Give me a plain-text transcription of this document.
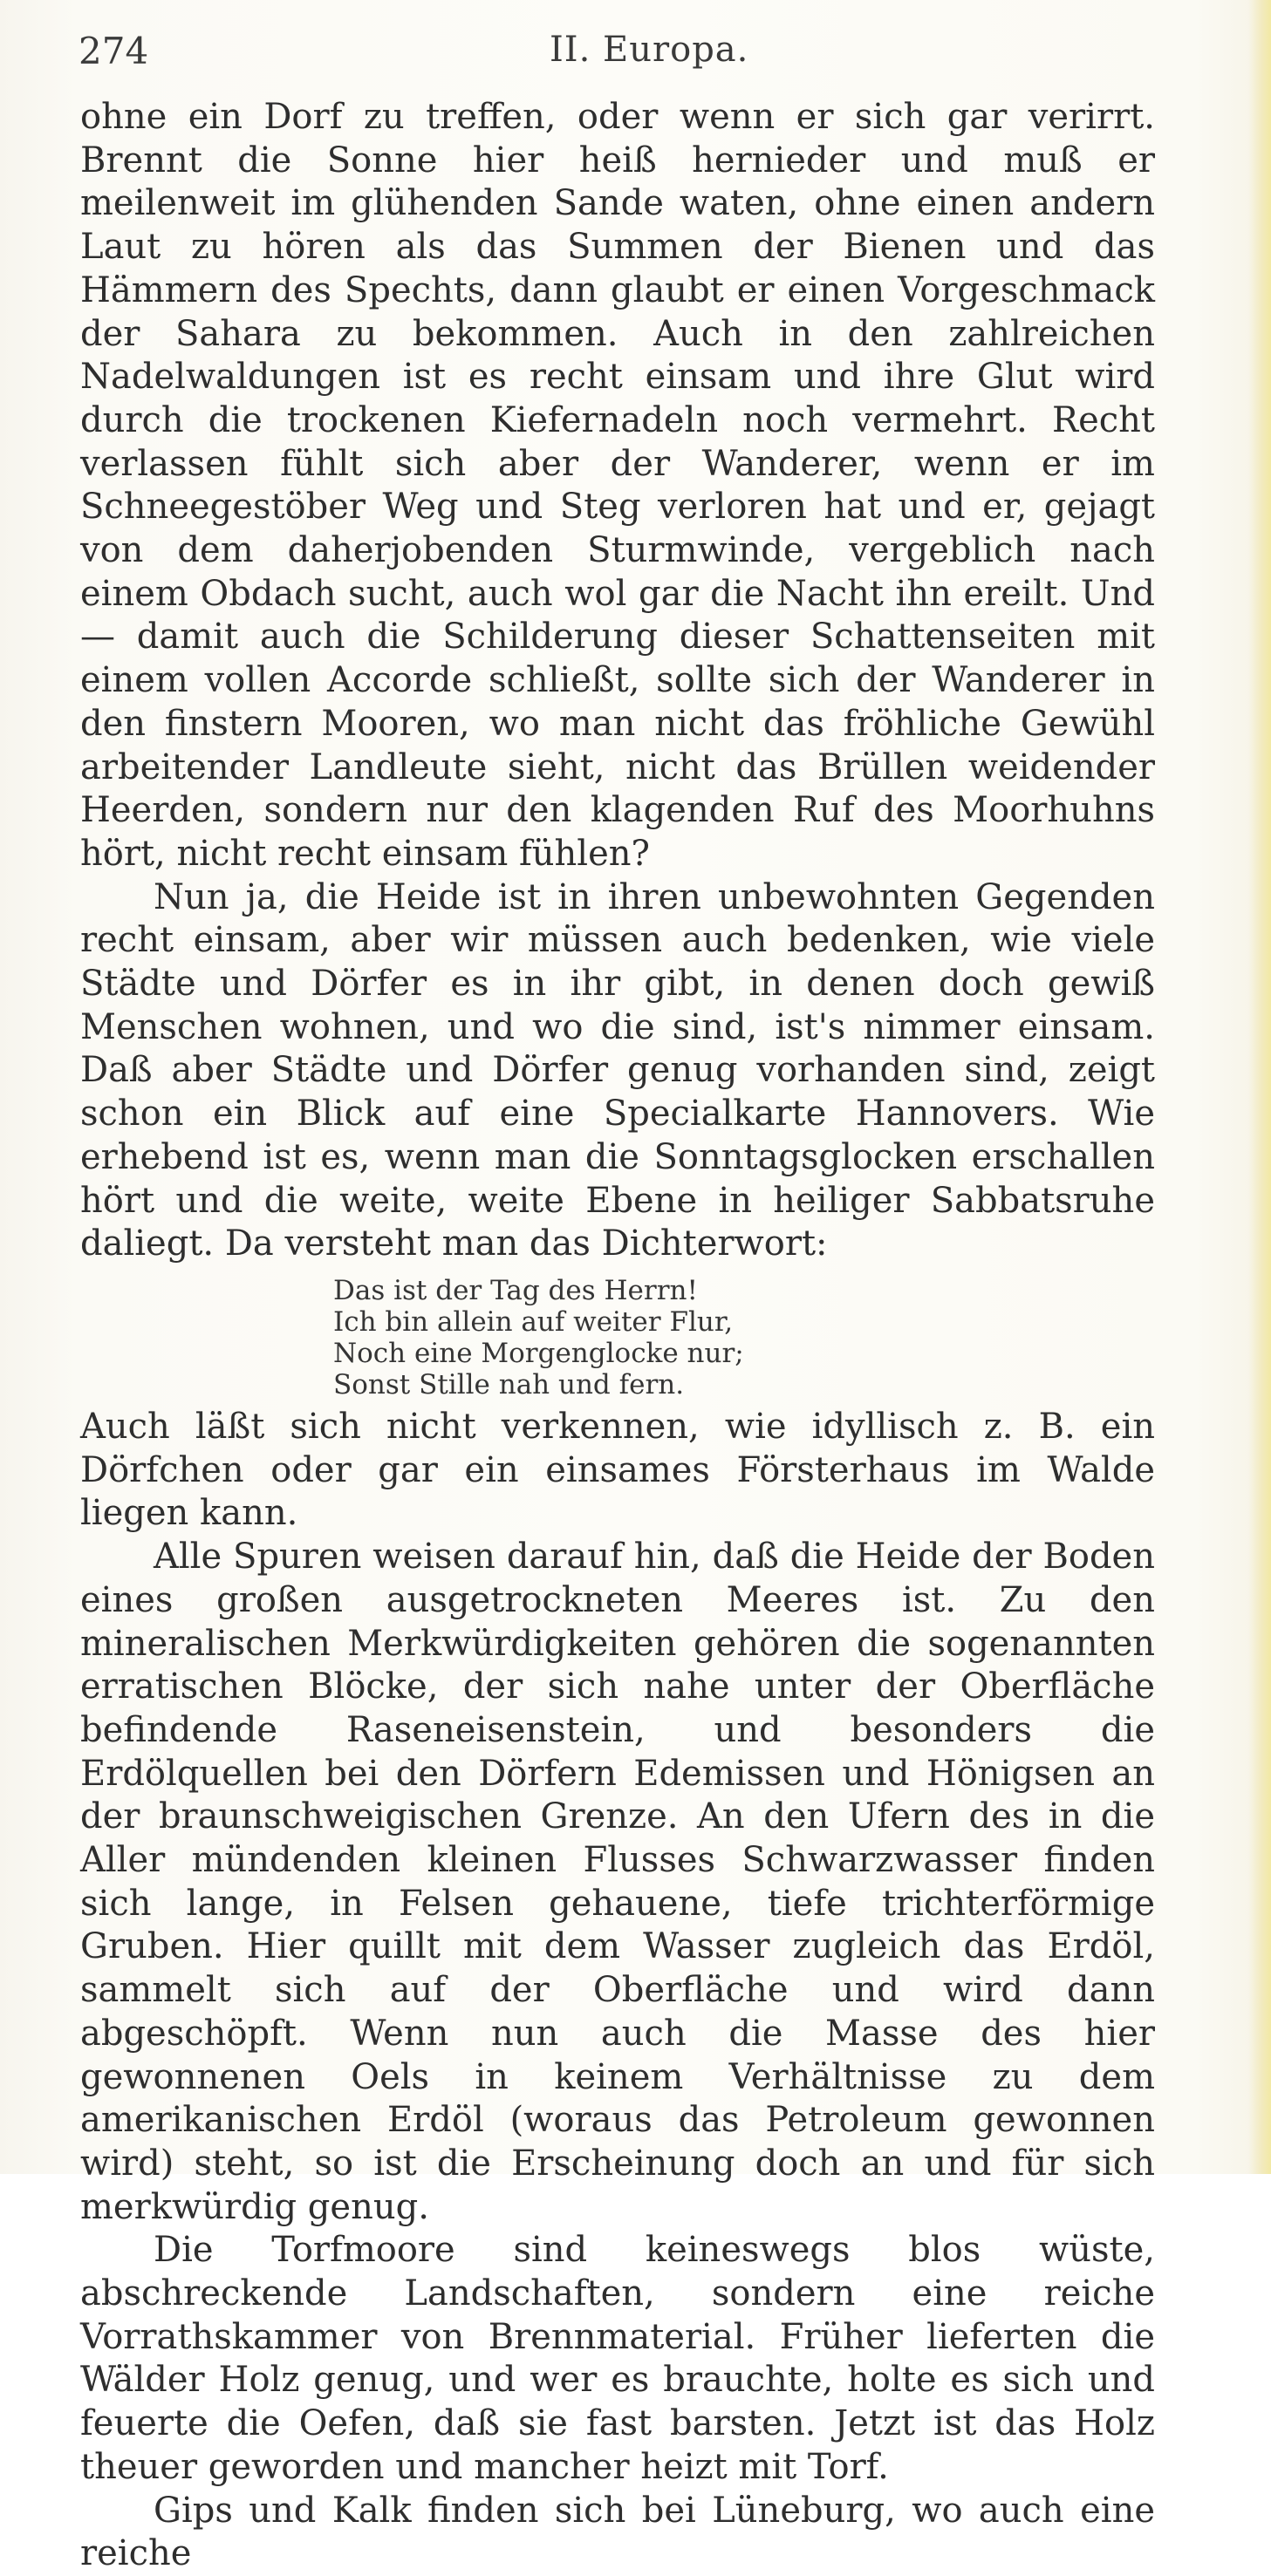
274	II. Europa.

ohne ein Dorf zu treffen, oder wenn er sich gar verirrt. Brennt die Sonne hier heiß hernieder und muß er meilenweit im glühenden Sande waten, ohne einen andern Laut zu hören als das Summen der Bienen und das Hämmern des Spechts, dann glaubt er einen Vorgeschmack der Sahara zu bekommen. Auch in den zahlreichen Nadelwaldungen ist es recht einsam und ihre Glut wird durch die trockenen Kiefernadeln noch vermehrt. Recht verlassen fühlt sich aber der Wanderer, wenn er im Schneegestöber Weg und Steg verloren hat und er, gejagt von dem daherjobenden Sturmwinde, vergeblich nach einem Obdach sucht, auch wol gar die Nacht ihn ereilt. Und — damit auch die Schilderung dieser Schattenseiten mit einem vollen Accorde schließt, sollte sich der Wanderer in den finstern Mooren, wo man nicht das fröhliche Gewühl arbeitender Landleute sieht, nicht das Brüllen weidender Heerden, sondern nur den klagenden Ruf des Moorhuhns hört, nicht recht einsam fühlen?

Nun ja, die Heide ist in ihren unbewohnten Gegenden recht einsam, aber wir müssen auch bedenken, wie viele Städte und Dörfer es in ihr gibt, in denen doch gewiß Menschen wohnen, und wo die sind, ist's nimmer einsam. Daß aber Städte und Dörfer genug vorhanden sind, zeigt schon ein Blick auf eine Specialkarte Hannovers. Wie erhebend ist es, wenn man die Sonntagsglocken erschallen hört und die weite, weite Ebene in heiliger Sabbatsruhe daliegt. Da versteht man das Dichterwort:

Das ist der Tag des Herrn!
Ich bin allein auf weiter Flur,
Noch eine Morgenglocke nur;
Sonst Stille nah und fern.

Auch läßt sich nicht verkennen, wie idyllisch z. B. ein Dörfchen oder gar ein einsames Försterhaus im Walde liegen kann.

Alle Spuren weisen darauf hin, daß die Heide der Boden eines großen ausgetrockneten Meeres ist. Zu den mineralischen Merkwürdigkeiten gehören die sogenannten erratischen Blöcke, der sich nahe unter der Oberfläche befindende Raseneisenstein, und besonders die Erdölquellen bei den Dörfern Edemissen und Hönigsen an der braunschweigischen Grenze. An den Ufern des in die Aller mündenden kleinen Flusses Schwarzwasser finden sich lange, in Felsen gehauene, tiefe trichterförmige Gruben. Hier quillt mit dem Wasser zugleich das Erdöl, sammelt sich auf der Oberfläche und wird dann abgeschöpft. Wenn nun auch die Masse des hier gewonnenen Oels in keinem Verhältnisse zu dem amerikanischen Erdöl (woraus das Petroleum gewonnen wird) steht, so ist die Erscheinung doch an und für sich merkwürdig genug.

Die Torfmoore sind keineswegs blos wüste, abschreckende Landschaften, sondern eine reiche Vorrathskammer von Brennmaterial. Früher lieferten die Wälder Holz genug, und wer es brauchte, holte es sich und feuerte die Oefen, daß sie fast barsten. Jetzt ist das Holz theuer geworden und mancher heizt mit Torf.

Gips und Kalk finden sich bei Lüneburg, wo auch eine reiche
